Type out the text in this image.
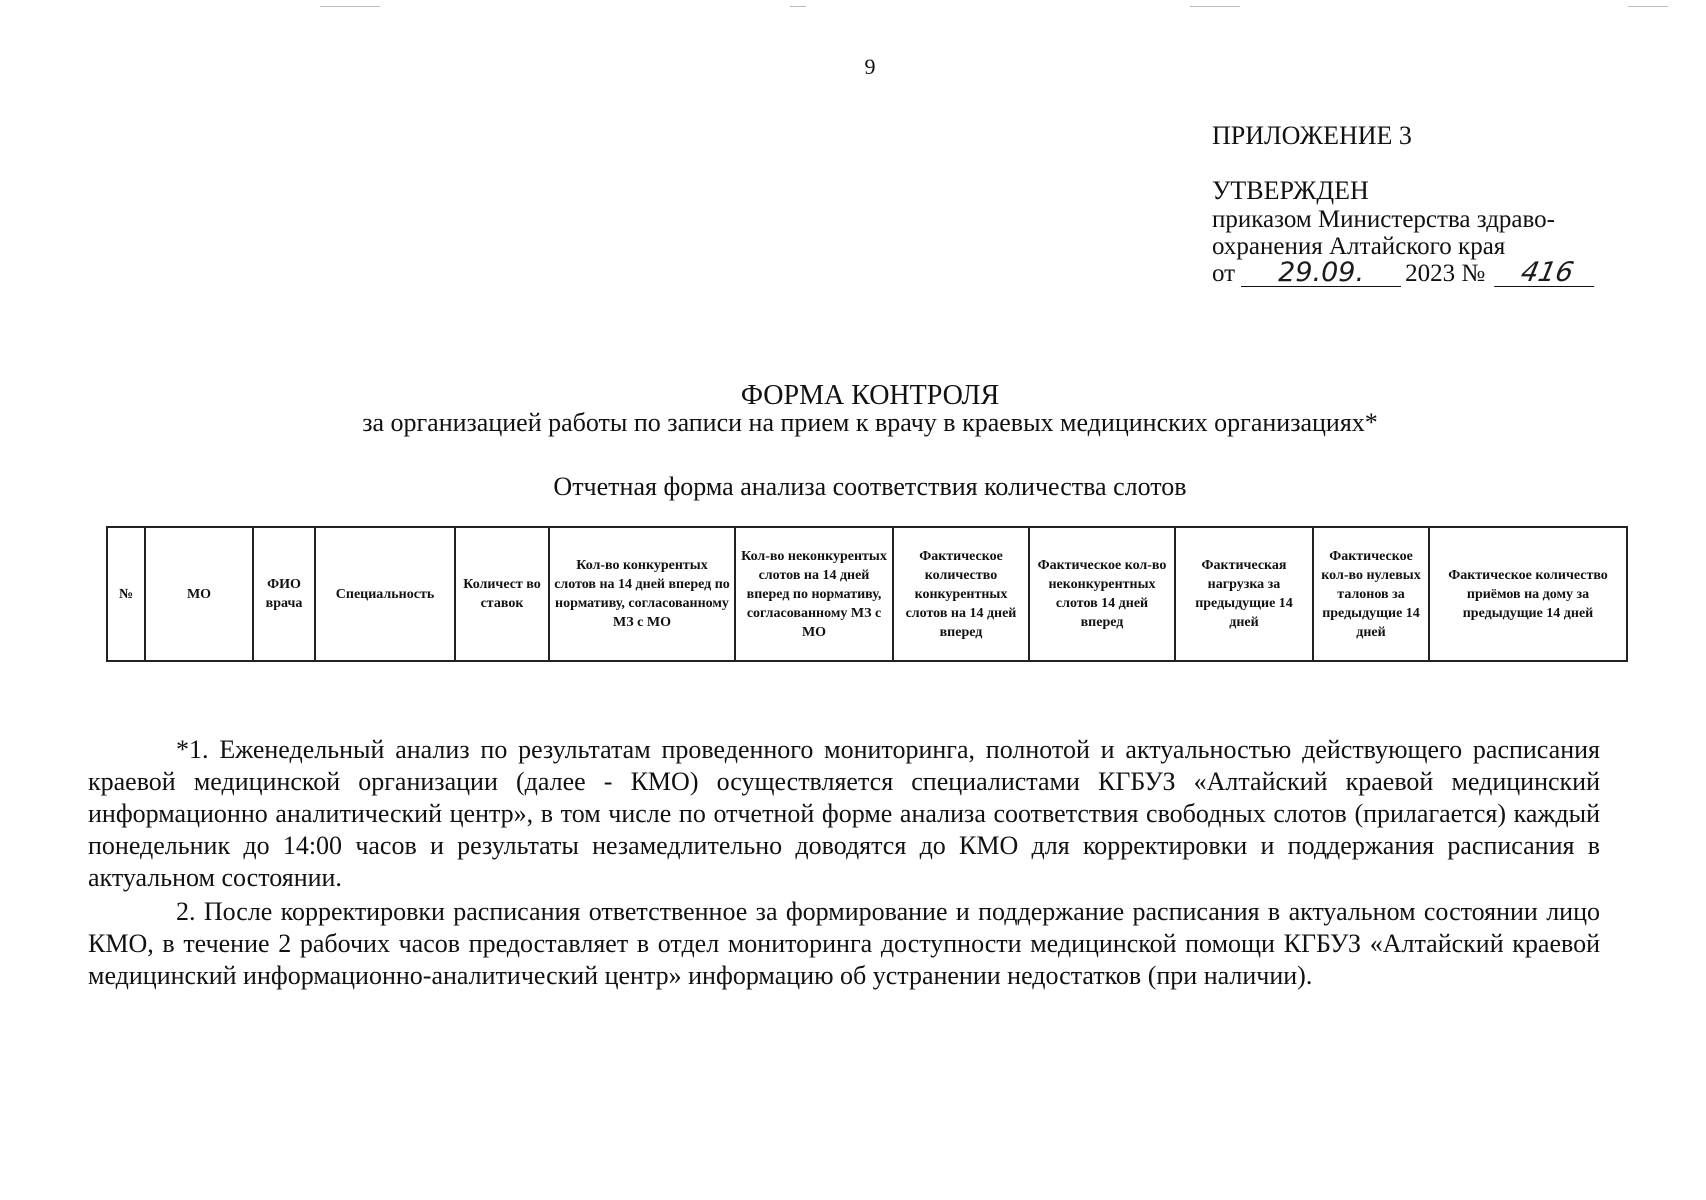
9
ПРИЛОЖЕНИЕ 3
УТВЕРЖДЕН
приказом Министерства здраво-
охранения Алтайского края
от	29.09.	2023 №	416
ФОРМА КОНТРОЛЯ
за организацией работы по записи на прием к врачу в краевых медицинских организациях*
Отчетная форма анализа соответствия количества слотов
№	МО	ФИО врача	Специальность	Количест во ставок	Кол-во конкурентых слотов на 14 дней вперед по нормативу, согласованному МЗ с МО	Кол-во неконкурентых слотов на 14 дней вперед по нормативу, согласованному МЗ с МО	Фактическое количество конкурентных слотов на 14 дней вперед	Фактическое кол-во неконкурентных слотов 14 дней вперед	Фактическая нагрузка за предыдущие 14 дней	Фактическое кол-во нулевых талонов за предыдущие 14 дней	Фактическое количество приёмов на дому за предыдущие 14 дней

*1. Еженедельный анализ по результатам проведенного мониторинга, полнотой и актуальностью действующего расписания краевой медицинской организации (далее - КМО) осуществляется специалистами КГБУЗ «Алтайский краевой медицинский информационно аналитический центр», в том числе по отчетной форме анализа соответствия свободных слотов (прилагается) каждый понедельник до 14:00 часов и результаты незамедлительно доводятся до КМО для корректировки и поддержания расписания в актуальном состоянии.

2. После корректировки расписания ответственное за формирование и поддержание расписания в актуальном состоянии лицо КМО, в течение 2 рабочих часов предоставляет в отдел мониторинга доступности медицинской помощи КГБУЗ «Алтайский краевой медицинский информационно-аналитический центр» информацию об устранении недостатков (при наличии).
